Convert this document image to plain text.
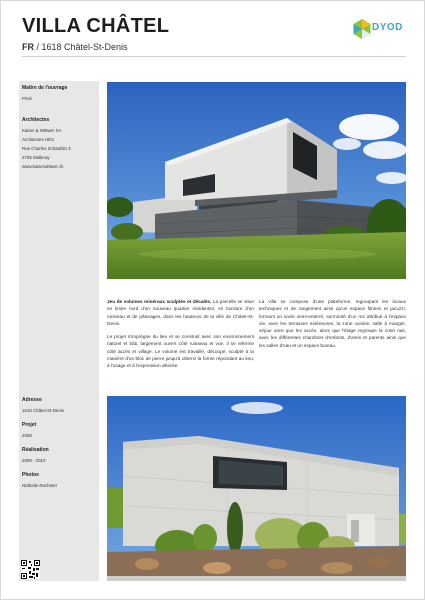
VILLA CHÂTEL
FR / 1618 Châtel-St-Denis
DYOD
Maître de l'ouvrage
Privé
Architectes
Kaiser & Wittwer SA
Architectes HES
Rue Charles Schäublin 3
2735 Malleray
www.kaiserwittwer.ch
Adresse
1618 Châtel-St-Denis
Projet
2008
Réalisation
2009 - 2010
Photos
Nathalie Racheter

Jeu de volumes minéraux sculptés et décalés. La parcelle se situe en limite nord d'un nouveau quartier résidentiel, en bordure d'un ruisseau et de pâturages, dans les hauteurs de la ville de Châtel-St-Denis.

Le projet s'imprègne du lieu et se construit avec son environnement naturel et bâti, largement ouvert côté ruisseau et vue, il se referme côté accès et village. Le volume est travaillé, découpé, sculpté à la manière d'un bloc de pierre jusqu'à obtenir la forme répondant au lieu, à l'usage et à l'expression désirée.

La villa se compose d'une plateforme, regroupant les locaux techniques et de rangement ainsi qu'un espace fitness et jacuzzi, formant un socle semi-enterré, surmonté d'un rez attribué à l'espace vie, avec les terrasses extérieures, la zone cuisine, salle à manger, séjour ainsi que les accès, alors que l'étage regroupe la zone nuit, avec les différentes chambres d'enfants, d'amis et parents ainsi que les salles d'eau et un espace bureau.
